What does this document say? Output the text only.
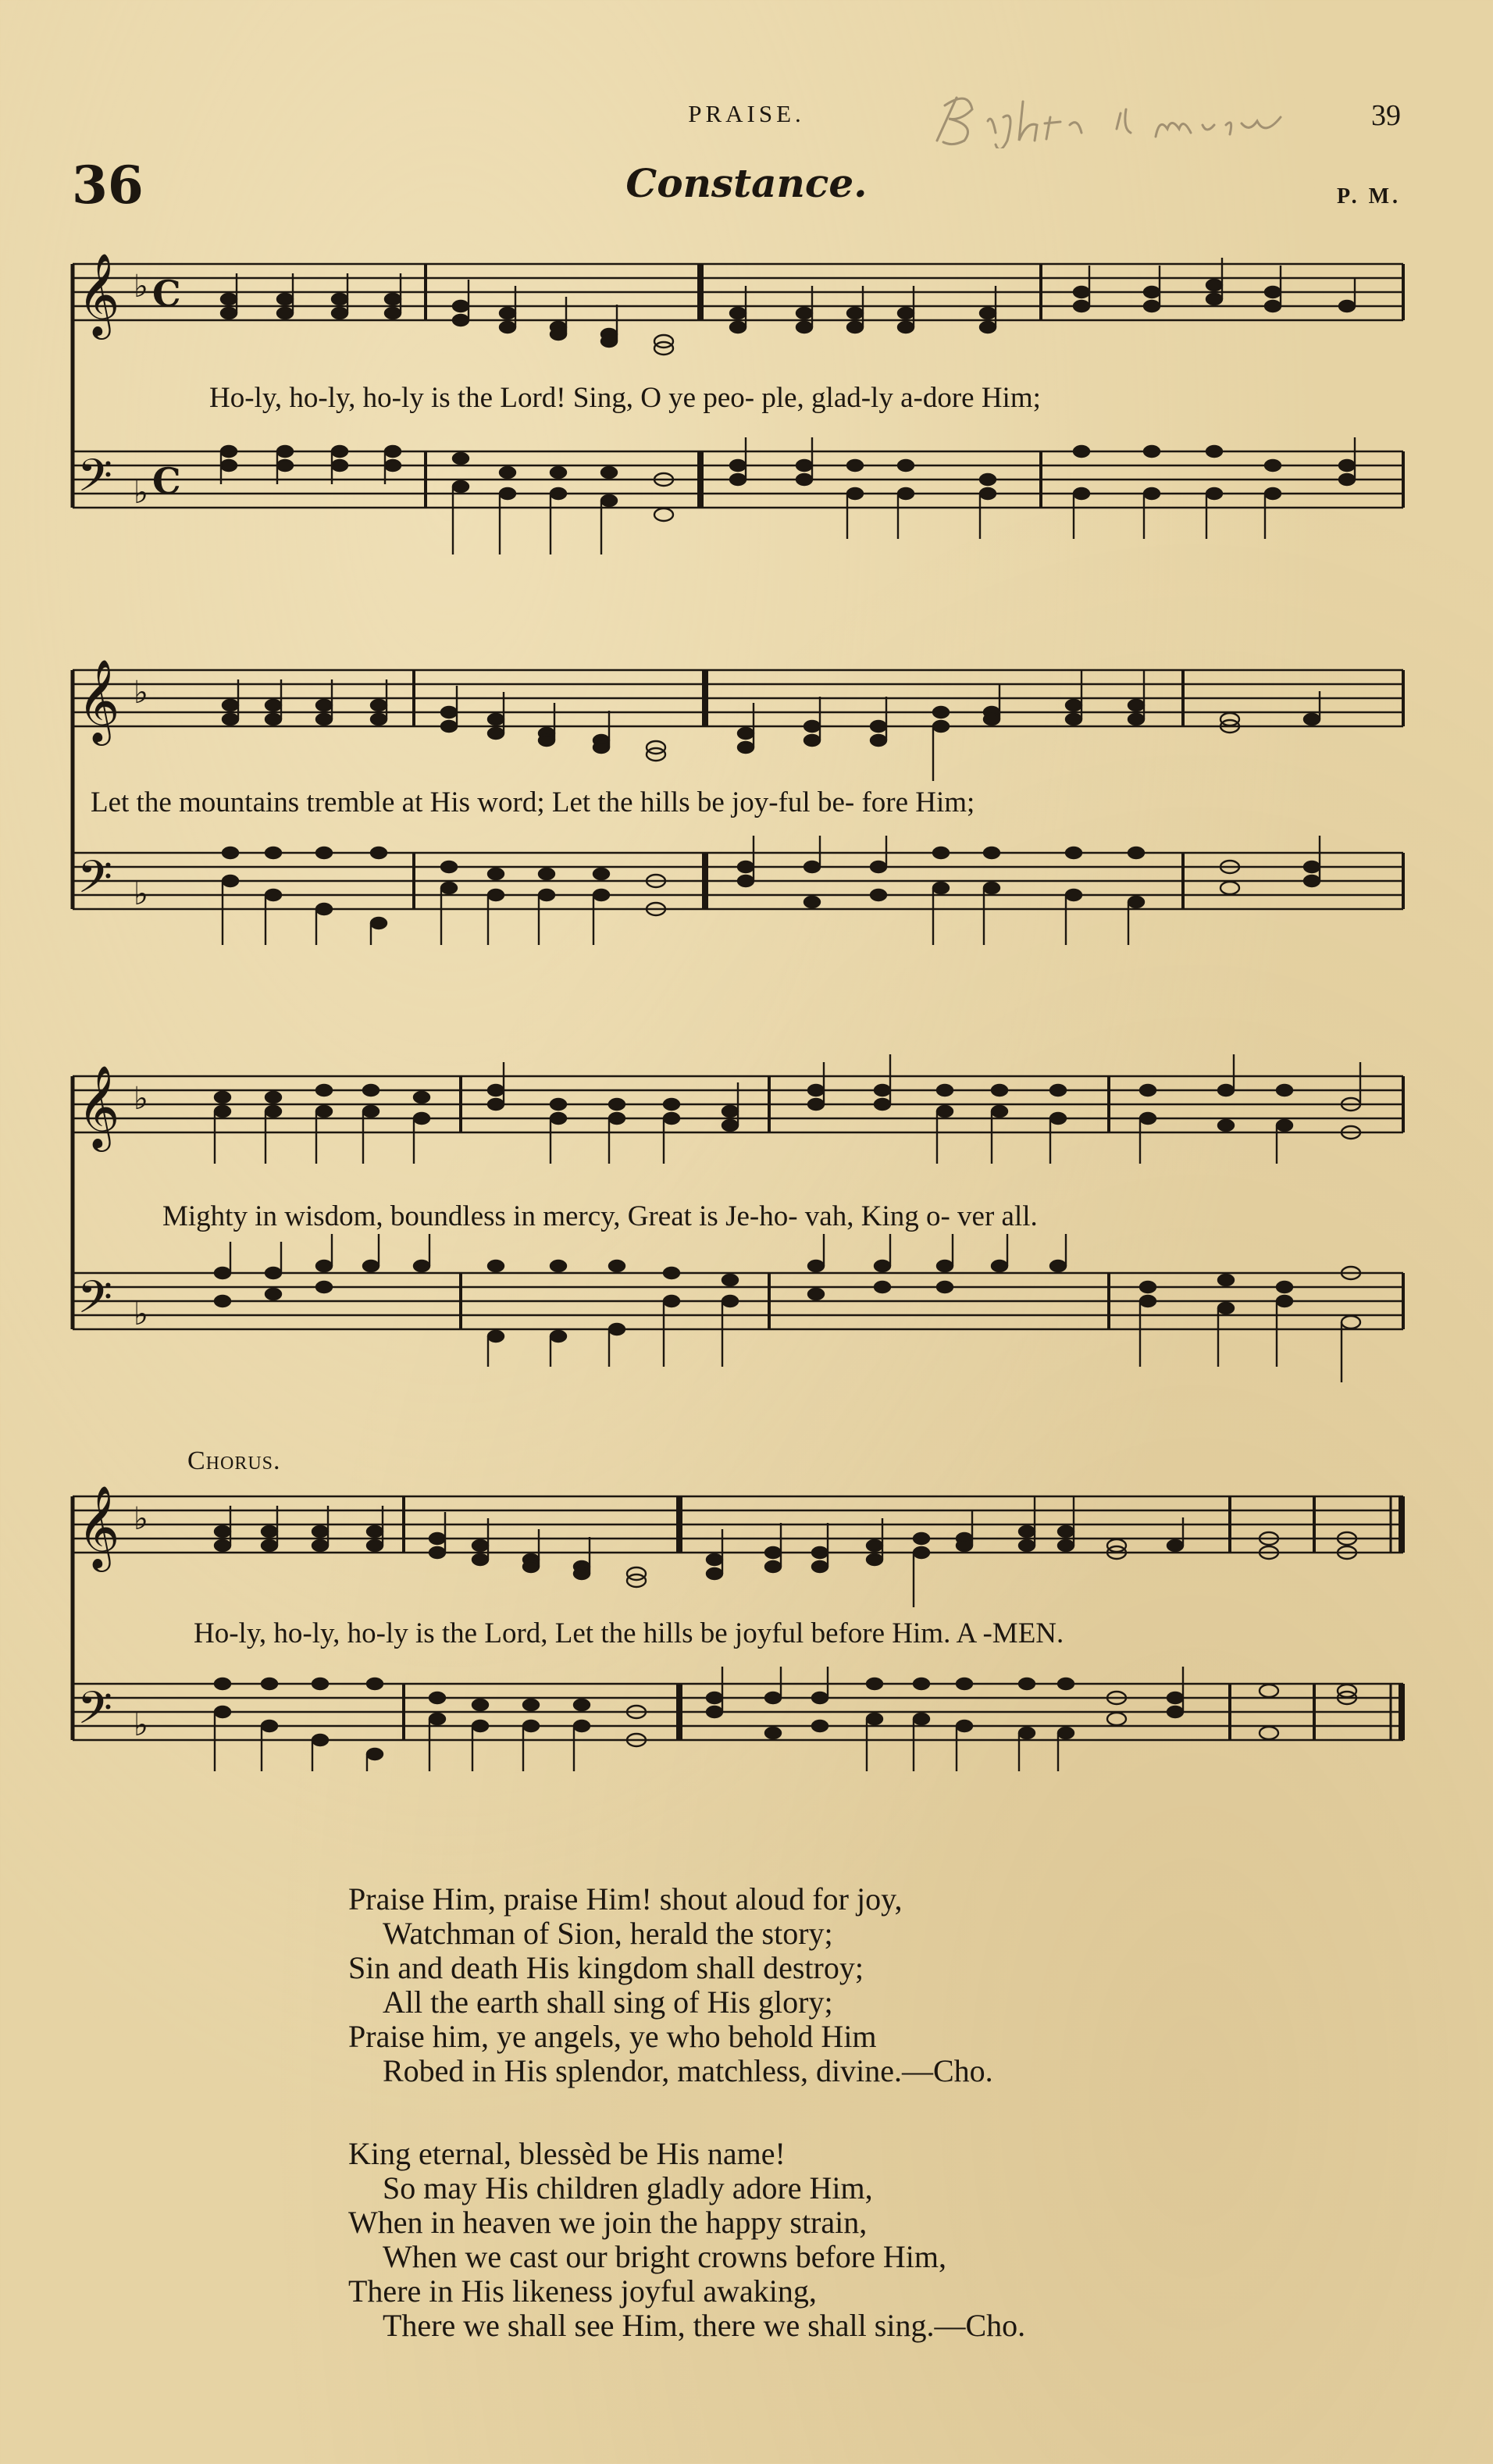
PRAISE.	39
36	Constance.	P. M.
𝄞
𝄢
♭
♭
C
C
Ho-ly, ho-ly, ho-ly is the Lord! Sing, O ye peo- ple, glad-ly a-dore Him;
𝄞
𝄢
♭
♭
Let the mountains tremble at His word; Let the hills be joy-ful be- fore Him;
𝄞
𝄢
♭
♭
Mighty in wisdom, boundless in mercy, Great is Je-ho- vah, King o- ver all.
Chorus.
𝄞
𝄢
♭
♭
Ho-ly, ho-ly, ho-ly is the Lord, Let the hills be joyful before Him. A -MEN.
Praise Him, praise Him! shout aloud for joy,
Watchman of Sion, herald the story;
Sin and death His kingdom shall destroy;
All the earth shall sing of His glory;
Praise him, ye angels, ye who behold Him
Robed in His splendor, matchless, divine.—Cho.
King eternal, blessèd be His name!
So may His children gladly adore Him,
When in heaven we join the happy strain,
When we cast our bright crowns before Him,
There in His likeness joyful awaking,
There we shall see Him, there we shall sing.—Cho.
